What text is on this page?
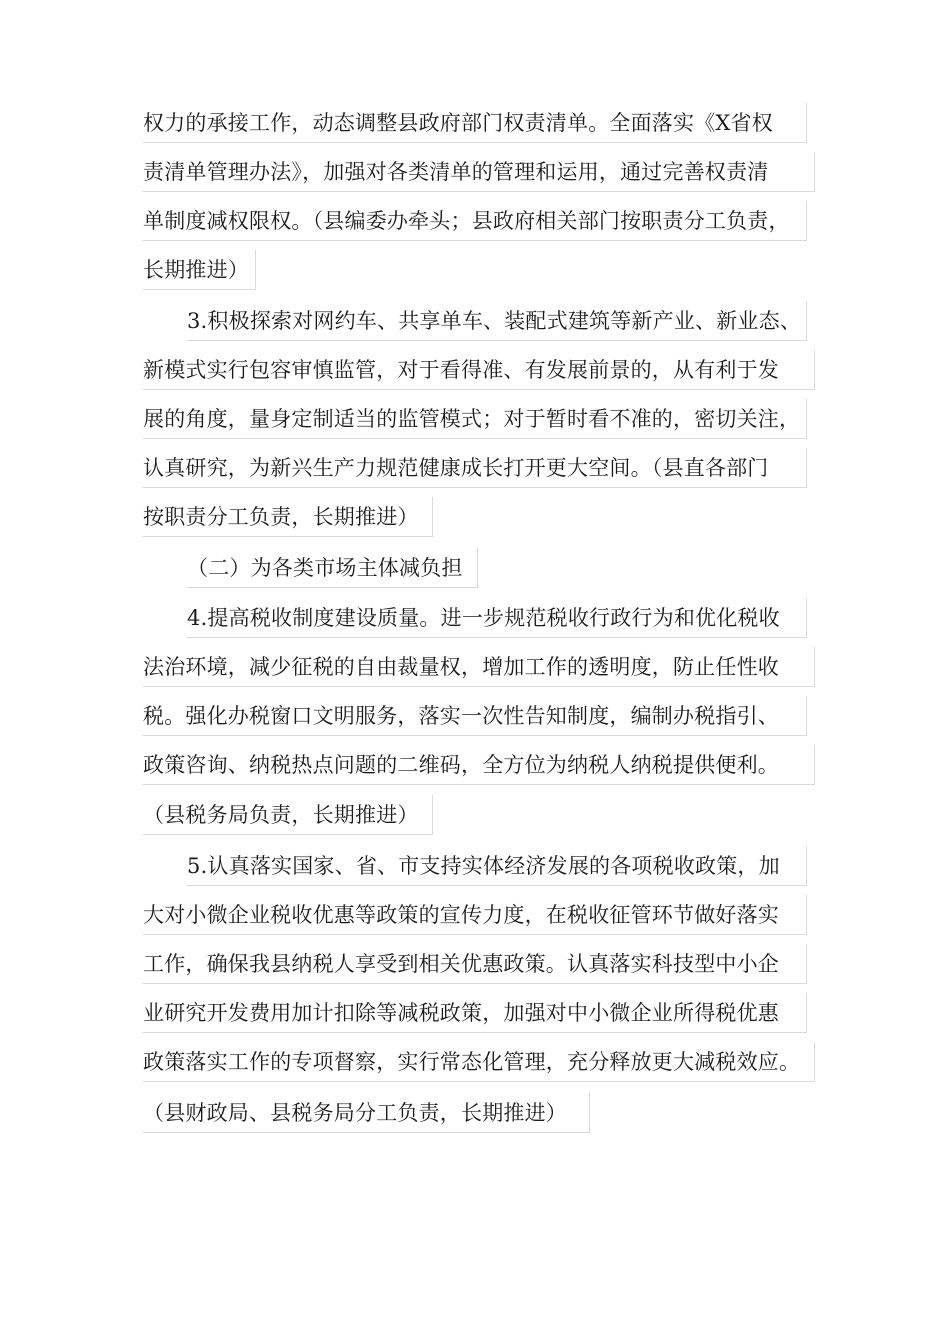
权力的承接工作，动态调整县政府部门权责清单。全面落实《X省权
责清单管理办法》，加强对各类清单的管理和运用，通过完善权责清
单制度减权限权。（县编委办牵头；县政府相关部门按职责分工负责，
长期推进）
3.积极探索对网约车、共享单车、装配式建筑等新产业、新业态、
新模式实行包容审慎监管，对于看得准、有发展前景的，从有利于发
展的角度，量身定制适当的监管模式；对于暂时看不准的，密切关注，
认真研究，为新兴生产力规范健康成长打开更大空间。（县直各部门
按职责分工负责，长期推进）
（二）为各类市场主体减负担
4.提高税收制度建设质量。进一步规范税收行政行为和优化税收
法治环境，减少征税的自由裁量权，增加工作的透明度，防止任性收
税。强化办税窗口文明服务，落实一次性告知制度，编制办税指引、
政策咨询、纳税热点问题的二维码，全方位为纳税人纳税提供便利。
（县税务局负责，长期推进）
5.认真落实国家、省、市支持实体经济发展的各项税收政策，加
大对小微企业税收优惠等政策的宣传力度，在税收征管环节做好落实
工作，确保我县纳税人享受到相关优惠政策。认真落实科技型中小企
业研究开发费用加计扣除等减税政策，加强对中小微企业所得税优惠
政策落实工作的专项督察，实行常态化管理，充分释放更大减税效应。
（县财政局、县税务局分工负责，长期推进）
